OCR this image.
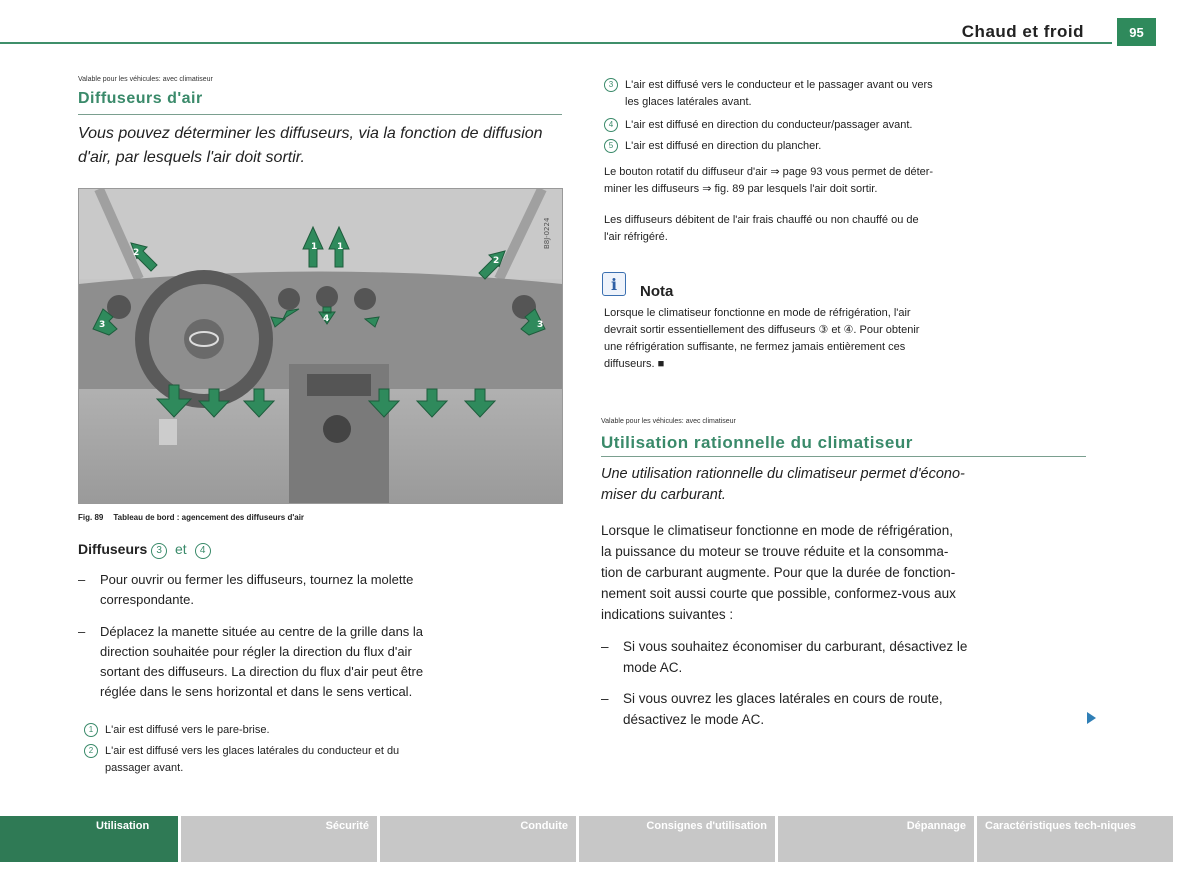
Chaud et froid	95
Valable pour les véhicules: avec climatiseur
Diffuseurs d'air
Vous pouvez déterminer les diffuseurs, via la fonction de diffusion d'air, par lesquels l'air doit sortir.
1 1
2
2
3	3
4
B8J-0224
Fig. 89 Tableau de bord : agencement des diffuseurs d'air
Diffuseurs 3 et 4
– Pour ouvrir ou fermer les diffuseurs, tournez la molette
correspondante.
– Déplacez la manette située au centre de la grille dans la
direction souhaitée pour régler la direction du flux d'air
sortant des diffuseurs. La direction du flux d'air peut être
réglée dans le sens horizontal et dans le sens vertical.
1	L'air est diffusé vers le pare-brise.
2	L'air est diffusé vers les glaces latérales du conducteur et du
passager avant.
3	L'air est diffusé vers le conducteur et le passager avant ou vers
les glaces latérales avant.
4	L'air est diffusé en direction du conducteur/passager avant.
5	L'air est diffusé en direction du plancher.
Le bouton rotatif du diffuseur d'air ⇒ page 93 vous permet de déter-
miner les diffuseurs ⇒ fig. 89 par lesquels l'air doit sortir.
Les diffuseurs débitent de l'air frais chauffé ou non chauffé ou de
l'air réfrigéré.
i	Nota
Lorsque le climatiseur fonctionne en mode de réfrigération, l'air
devrait sortir essentiellement des diffuseurs ③ et ④. Pour obtenir
une réfrigération suffisante, ne fermez jamais entièrement ces
diffuseurs. ■
Valable pour les véhicules: avec climatiseur
Utilisation rationnelle du climatiseur
Une utilisation rationnelle du climatiseur permet d'écono-
miser du carburant.
Lorsque le climatiseur fonctionne en mode de réfrigération,
la puissance du moteur se trouve réduite et la consomma-
tion de carburant augmente. Pour que la durée de fonction-
nement soit aussi courte que possible, conformez-vous aux
indications suivantes :
– Si vous souhaitez économiser du carburant, désactivez le
mode AC.
– Si vous ouvrez les glaces latérales en cours de route,
désactivez le mode AC.
Utilisation	Sécurité	Conduite	Consignes d'utilisation	Dépannage	Caractéristiques tech-niques
